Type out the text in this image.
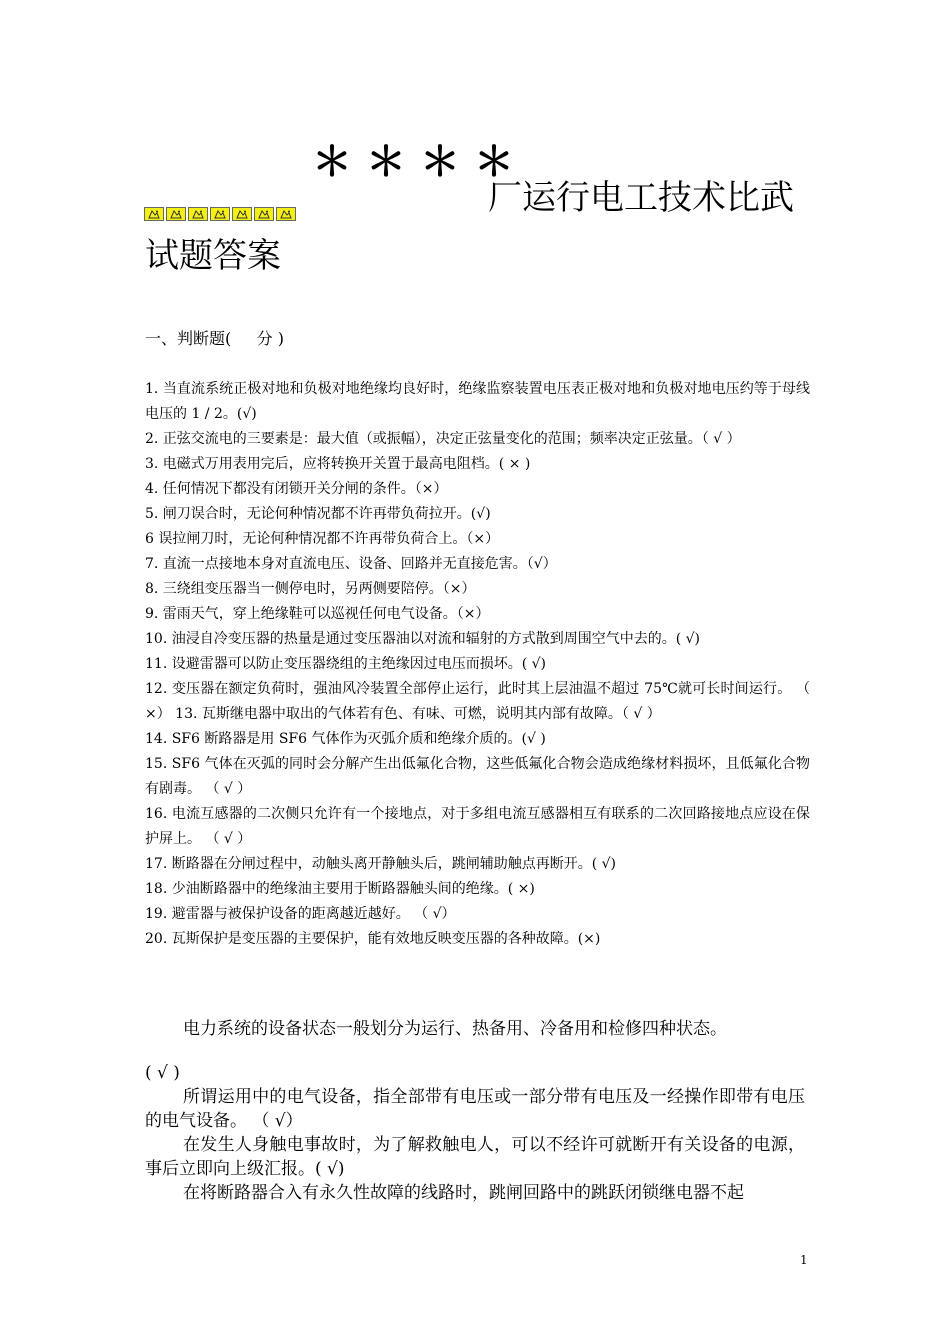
＊＊＊＊
厂运行电工技术比武
试题答案
一、判断题(     分 )

1. 当直流系统正极对地和负极对地绝缘均良好时，绝缘监察装置电压表正极对地和负极对地电压约等于母线电压的 1 / 2。(√)

2. 正弦交流电的三要素是：最大值（或振幅），决定正弦量变化的范围；频率决定正弦量。（ √ ）

3. 电磁式万用表用完后，应将转换开关置于最高电阻档。( × )

4. 任何情况下都没有闭锁开关分闸的条件。（×）

5. 闸刀误合时，无论何种情况都不许再带负荷拉开。(√)

6 误拉闸刀时，无论何种情况都不许再带负荷合上。（×）

7. 直流一点接地本身对直流电压、设备、回路并无直接危害。（√）

8. 三绕组变压器当一侧停电时，另两侧要陪停。（×）

9. 雷雨天气，穿上绝缘鞋可以巡视任何电气设备。（×）

10. 油浸自冷变压器的热量是通过变压器油以对流和辐射的方式散到周围空气中去的。( √)

11. 设避雷器可以防止变压器绕组的主绝缘因过电压而损坏。( √)

12. 变压器在额定负荷时，强油风冷装置全部停止运行，此时其上层油温不超过 75℃就可长时间运行。 （ ×） 13. 瓦斯继电器中取出的气体若有色、有味、可燃，说明其内部有故障。（ √ ）

14. SF6 断路器是用 SF6 气体作为灭弧介质和绝缘介质的。(√ )

15. SF6 气体在灭弧的同时会分解产生出低氟化合物，这些低氟化合物会造成绝缘材料损坏，且低氟化合物有剧毒。 （ √ ）

16. 电流互感器的二次侧只允许有一个接地点，对于多组电流互感器相互有联系的二次回路接地点应设在保护屏上。 （ √ ）

17. 断路器在分闸过程中，动触头离开静触头后，跳闸辅助触点再断开。( √)

18. 少油断路器中的绝缘油主要用于断路器触头间的绝缘。( ×)

19. 避雷器与被保护设备的距离越近越好。 （ √）

20. 瓦斯保护是变压器的主要保护，能有效地反映变压器的各种故障。(×)

电力系统的设备状态一般划分为运行、热备用、冷备用和检修四种状态。

( √ )

所谓运用中的电气设备，指全部带有电压或一部分带有电压及一经操作即带有电压的电气设备。 （ √）

在发生人身触电事故时，为了解救触电人，可以不经许可就断开有关设备的电源，事后立即向上级汇报。( √)

在将断路器合入有永久性故障的线路时，跳闸回路中的跳跃闭锁继电器不起

1
